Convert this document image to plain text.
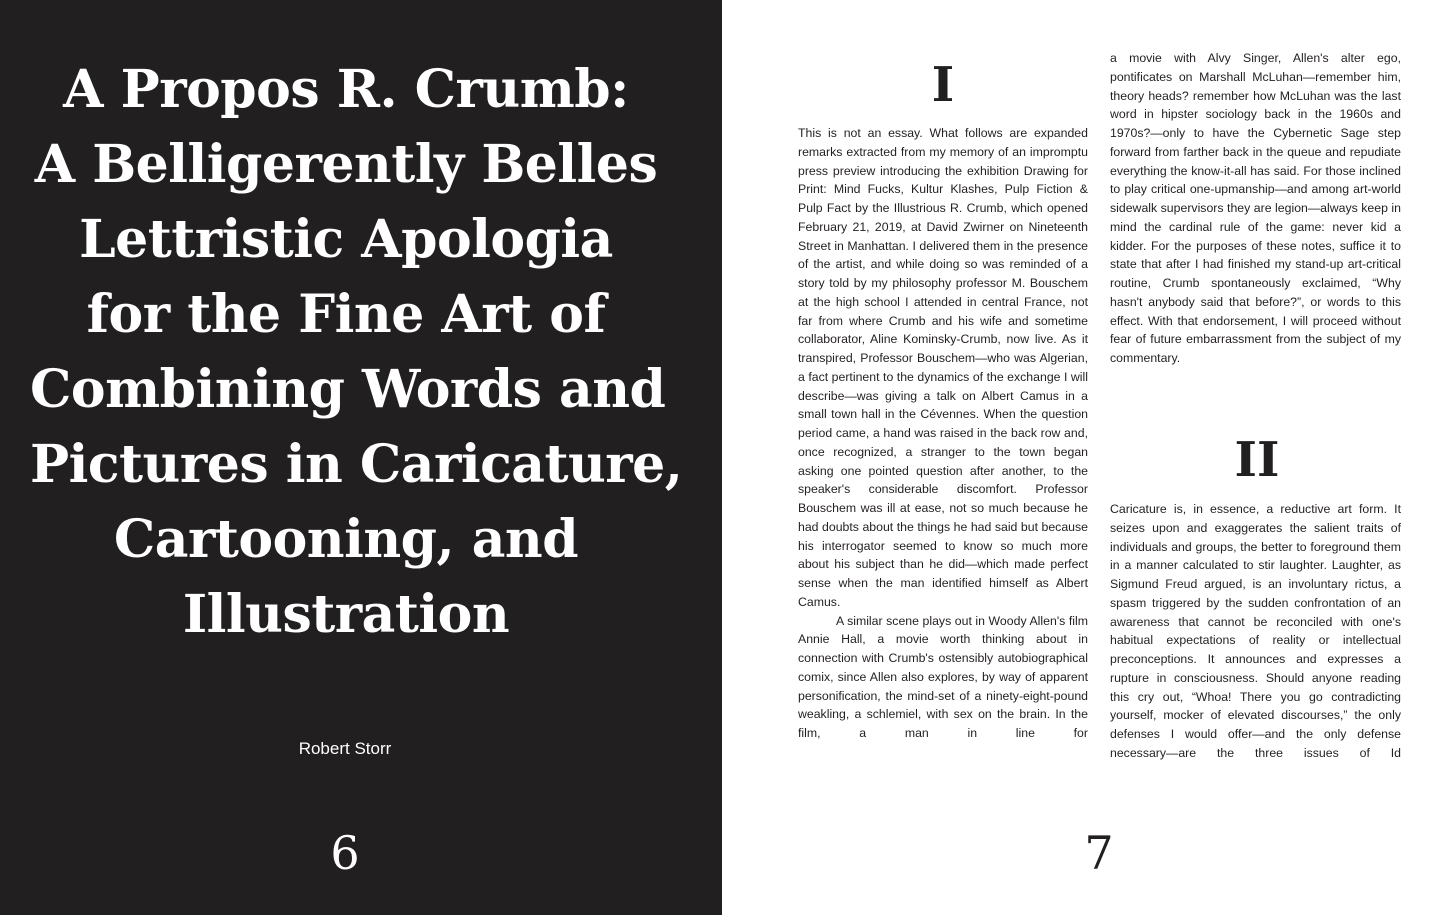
A Propos R. Crumb:
A Belligerently Belles
Lettristic Apologia
for the Fine Art of
Combining Words and
Pictures in Caricature,
Cartooning, and
Illustration
Robert Storr
6
I

This is not an essay. What follows are expanded remarks extracted from my memory of an impromptu press preview introducing the exhibition Drawing for Print: Mind Fucks, Kultur Klashes, Pulp Fiction & Pulp Fact by the Illustrious R. Crumb, which opened February 21, 2019, at David Zwirner on Nineteenth Street in Manhattan. I delivered them in the presence of the artist, and while doing so was reminded of a story told by my philosophy professor M. Bouschem at the high school I attended in central France, not far from where Crumb and his wife and sometime collaborator, Aline Kominsky-Crumb, now live. As it transpired, Professor Bouschem—who was Algerian, a fact pertinent to the dynamics of the exchange I will describe—was giving a talk on Albert Camus in a small town hall in the Cévennes. When the question period came, a hand was raised in the back row and, once recognized, a stranger to the town began asking one pointed question after another, to the speaker's considerable discomfort. Professor Bouschem was ill at ease, not so much because he had doubts about the things he had said but because his interrogator seemed to know so much more about his subject than he did—which made perfect sense when the man identified himself as Albert Camus.

A similar scene plays out in Woody Allen's film Annie Hall, a movie worth thinking about in connection with Crumb's ostensibly autobiographical comix, since Allen also explores, by way of apparent personification, the mind-set of a ninety-eight-pound weakling, a schlemiel, with sex on the brain. In the film, a man in line for

a movie with Alvy Singer, Allen's alter ego, pontificates on Marshall McLuhan—remember him, theory heads? remember how McLuhan was the last word in hipster sociology back in the 1960s and 1970s?—only to have the Cybernetic Sage step forward from farther back in the queue and repudiate everything the know-it-all has said. For those inclined to play critical one-upmanship—and among art-world sidewalk supervisors they are legion—always keep in mind the cardinal rule of the game: never kid a kidder. For the purposes of these notes, suffice it to state that after I had finished my stand-up art-critical routine, Crumb spontaneously exclaimed, “Why hasn't anybody said that before?”, or words to this effect. With that endorsement, I will proceed without fear of future embarrassment from the subject of my commentary.

II

Caricature is, in essence, a reductive art form. It seizes upon and exaggerates the salient traits of individuals and groups, the better to foreground them in a manner calculated to stir laughter. Laughter, as Sigmund Freud argued, is an involuntary rictus, a spasm triggered by the sudden confrontation of an awareness that cannot be reconciled with one's habitual expectations of reality or intellectual preconceptions. It announces and expresses a rupture in consciousness. Should anyone reading this cry out, “Whoa! There you go contradicting yourself, mocker of elevated discourses,” the only defenses I would offer—and the only defense necessary—are the three issues of Id

7
